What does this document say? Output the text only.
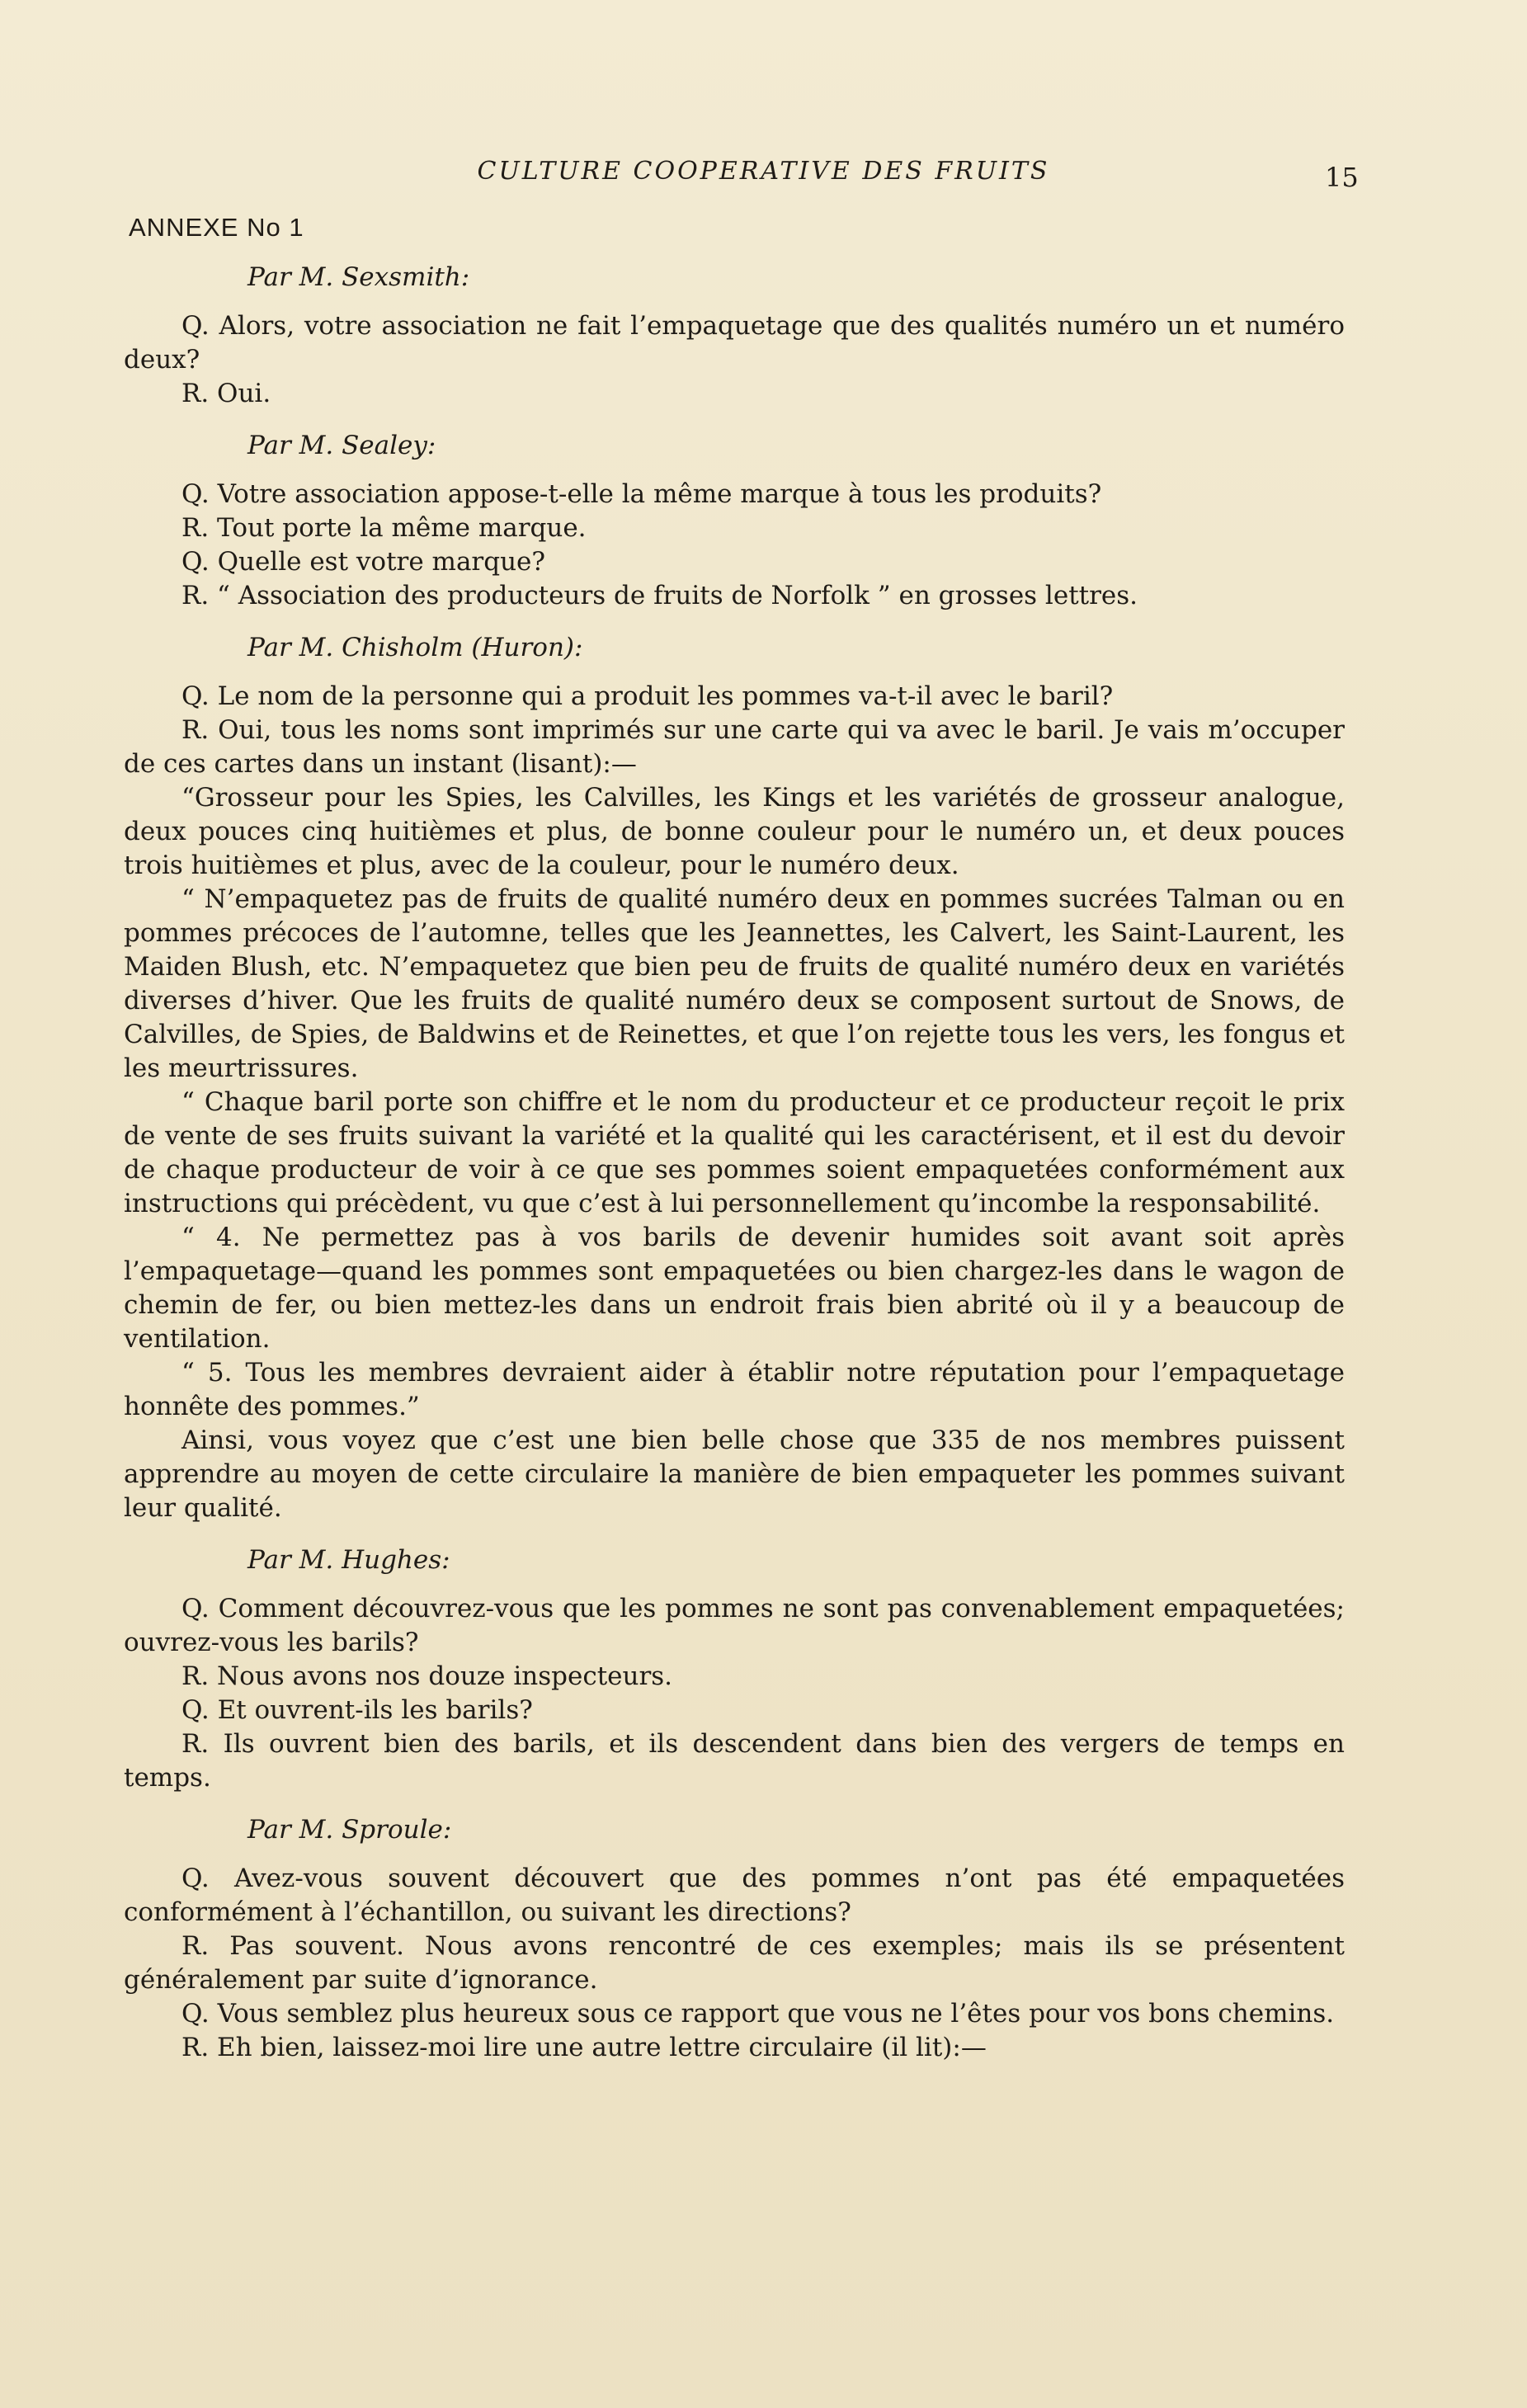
CULTURE COOPERATIVE DES FRUITS	15
ANNEXE No 1

Par M. Sexsmith:

Q. Alors, votre association ne fait l’empaquetage que des qualités numéro un et numéro deux?

R. Oui.

Par M. Sealey:

Q. Votre association appose-t-elle la même marque à tous les produits?

R. Tout porte la même marque.

Q. Quelle est votre marque?

R. “ Association des producteurs de fruits de Norfolk ” en grosses lettres.

Par M. Chisholm (Huron):

Q. Le nom de la personne qui a produit les pommes va-t-il avec le baril?

R. Oui, tous les noms sont imprimés sur une carte qui va avec le baril. Je vais m’occuper de ces cartes dans un instant (lisant):—

“Grosseur pour les Spies, les Calvilles, les Kings et les variétés de grosseur analogue, deux pouces cinq huitièmes et plus, de bonne couleur pour le numéro un, et deux pouces trois huitièmes et plus, avec de la couleur, pour le numéro deux.

“ N’empaquetez pas de fruits de qualité numéro deux en pommes sucrées Talman ou en pommes précoces de l’automne, telles que les Jeannettes, les Calvert, les Saint-Laurent, les Maiden Blush, etc. N’empaquetez que bien peu de fruits de qualité numéro deux en variétés diverses d’hiver. Que les fruits de qualité numéro deux se composent surtout de Snows, de Calvilles, de Spies, de Baldwins et de Reinettes, et que l’on rejette tous les vers, les fongus et les meurtrissures.

“ Chaque baril porte son chiffre et le nom du producteur et ce producteur reçoit le prix de vente de ses fruits suivant la variété et la qualité qui les caractérisent, et il est du devoir de chaque producteur de voir à ce que ses pommes soient empaquetées conformément aux instructions qui précèdent, vu que c’est à lui personnellement qu’incombe la responsabilité.

“ 4. Ne permettez pas à vos barils de devenir humides soit avant soit après l’empaquetage—quand les pommes sont empaquetées ou bien chargez-les dans le wagon de chemin de fer, ou bien mettez-les dans un endroit frais bien abrité où il y a beaucoup de ventilation.

“ 5. Tous les membres devraient aider à établir notre réputation pour l’empaquetage honnête des pommes.”

Ainsi, vous voyez que c’est une bien belle chose que 335 de nos membres puissent apprendre au moyen de cette circulaire la manière de bien empaqueter les pommes suivant leur qualité.

Par M. Hughes:

Q. Comment découvrez-vous que les pommes ne sont pas convenablement empaquetées; ouvrez-vous les barils?

R. Nous avons nos douze inspecteurs.

Q. Et ouvrent-ils les barils?

R. Ils ouvrent bien des barils, et ils descendent dans bien des vergers de temps en temps.

Par M. Sproule:

Q. Avez-vous souvent découvert que des pommes n’ont pas été empaquetées conformément à l’échantillon, ou suivant les directions?

R. Pas souvent. Nous avons rencontré de ces exemples; mais ils se présentent généralement par suite d’ignorance.

Q. Vous semblez plus heureux sous ce rapport que vous ne l’êtes pour vos bons chemins.

R. Eh bien, laissez-moi lire une autre lettre circulaire (il lit):—
